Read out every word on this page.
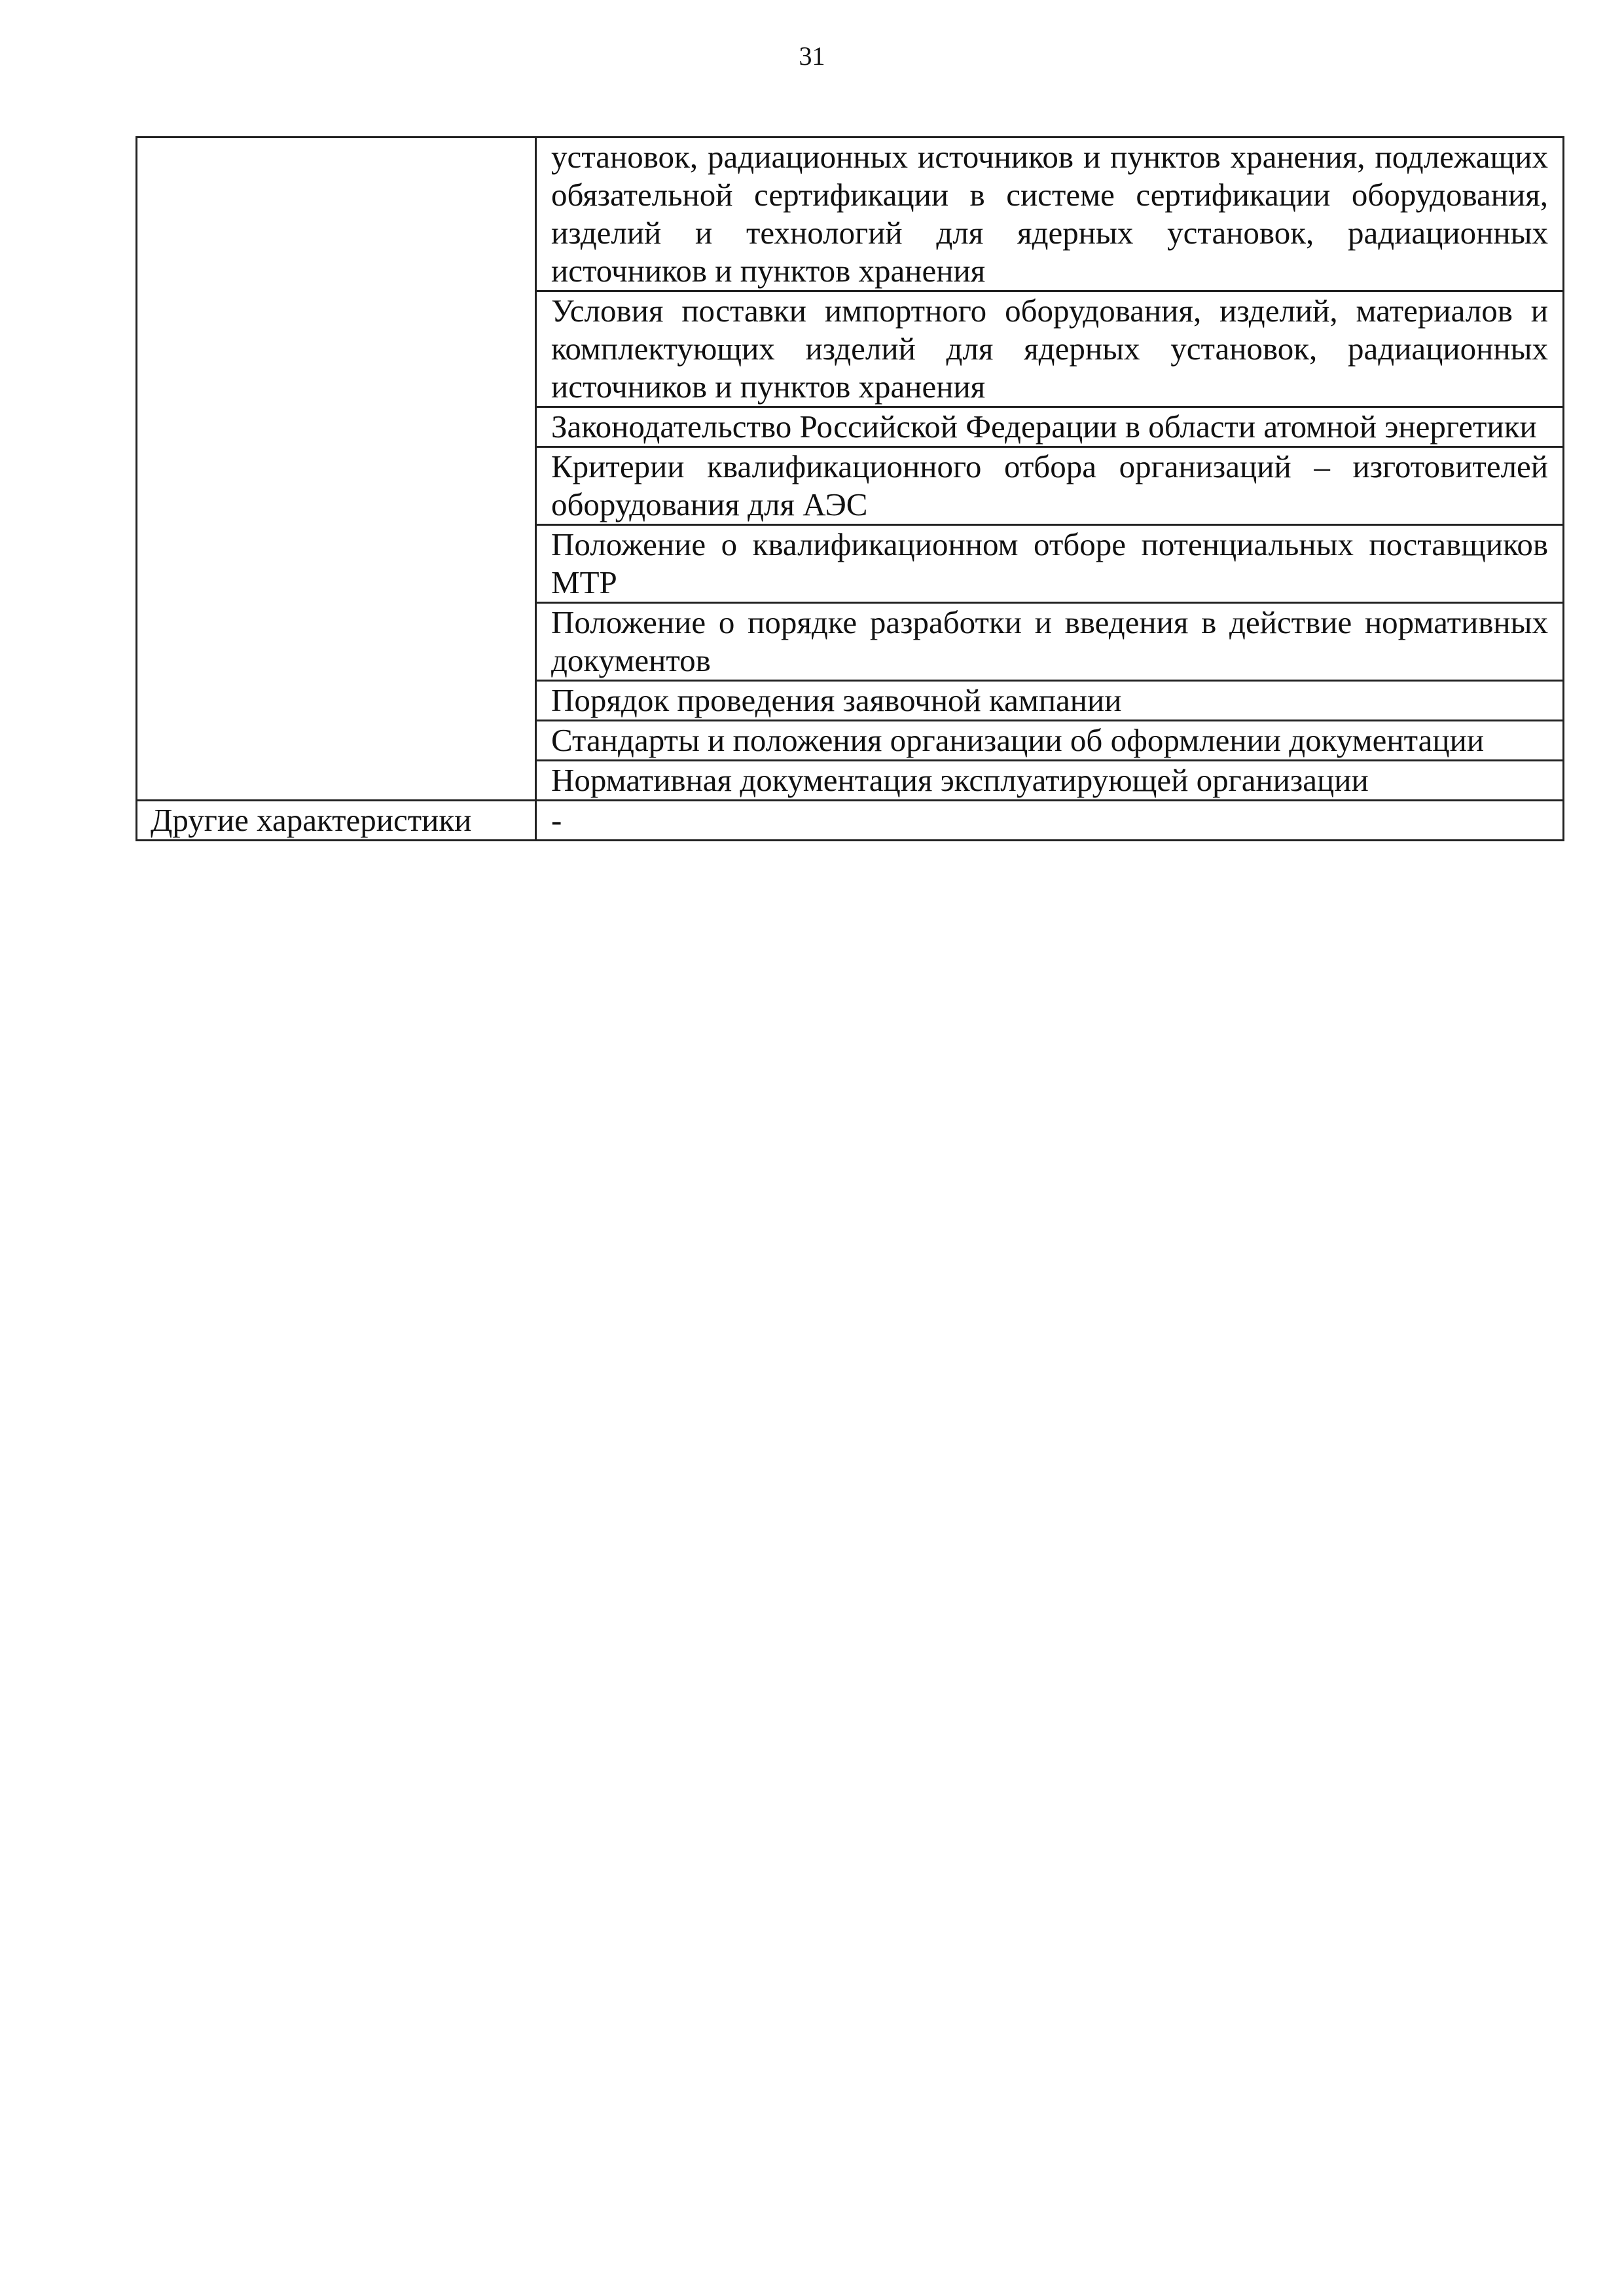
31
	установок, радиационных источников и пунктов хранения, подлежащих обязательной сертификации в системе сертификации оборудования, изделий и технологий для ядерных установок, радиационных источников и пунктов хранения
	Условия поставки импортного оборудования, изделий, материалов и комплектующих изделий для ядерных установок, радиационных источников и пунктов хранения
	Законодательство Российской Федерации в области атомной энергетики
	Критерии квалификационного отбора организаций – изготовителей оборудования для АЭС
	Положение о квалификационном отборе потенциальных поставщиков МТР
	Положение о порядке разработки и введения в действие нормативных документов
	Порядок проведения заявочной кампании
	Стандарты и положения организации об оформлении документации
	Нормативная документация эксплуатирующей организации
Другие характеристики	-
